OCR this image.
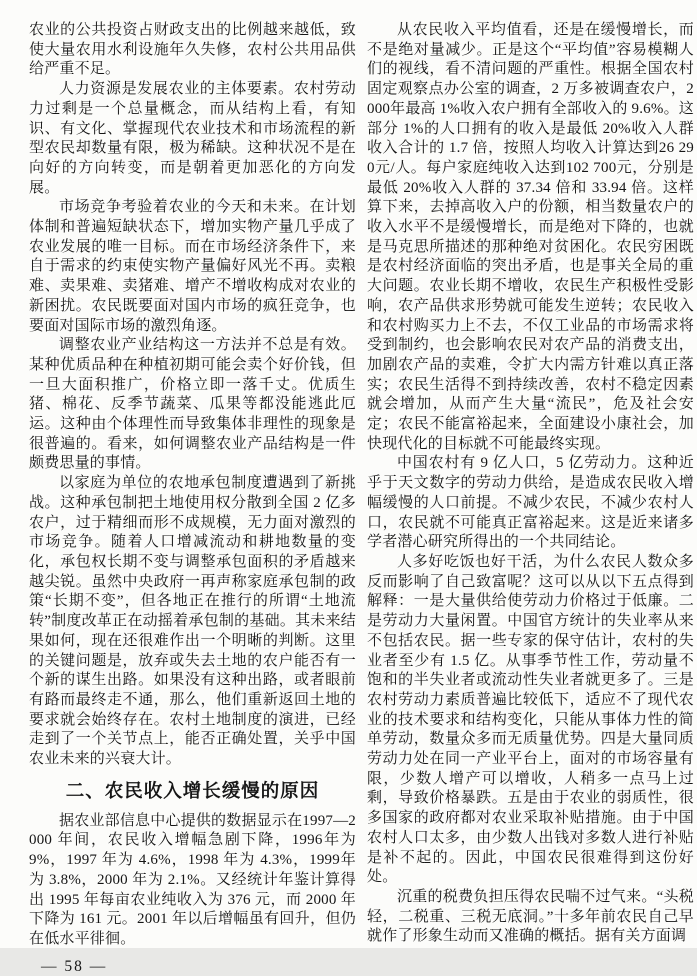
农业的公共投资占财政支出的比例越来越低，致使大量农用水利设施年久失修，农村公共用品供给严重不足。

人力资源是发展农业的主体要素。农村劳动力过剩是一个总量概念，而从结构上看，有知识、有文化、掌握现代农业技术和市场流程的新型农民却数量有限，极为稀缺。这种状况不是在向好的方向转变，而是朝着更加恶化的方向发展。

市场竞争考验着农业的今天和未来。在计划体制和普遍短缺状态下，增加实物产量几乎成了农业发展的唯一目标。而在市场经济条件下，来自于需求的约束使实物产量偏好风光不再。卖粮难、卖果难、卖猪难、增产不增收构成对农业的新困扰。农民既要面对国内市场的疯狂竞争，也要面对国际市场的激烈角逐。

调整农业产业结构这一方法并不总是有效。某种优质品种在种植初期可能会卖个好价钱，但一旦大面积推广，价格立即一落千丈。优质生猪、棉花、反季节蔬菜、瓜果等都没能逃此厄运。这种由个体理性而导致集体非理性的现象是很普遍的。看来，如何调整农业产品结构是一件颇费思量的事情。

以家庭为单位的农地承包制度遭遇到了新挑战。这种承包制把土地使用权分散到全国 2 亿多农户，过于精细而形不成规模，无力面对激烈的市场竞争。随着人口增减流动和耕地数量的变化，承包权长期不变与调整承包面积的矛盾越来越尖锐。虽然中央政府一再声称家庭承包制的政策“长期不变”，但各地正在推行的所谓“土地流转”制度改革正在动摇着承包制的基础。其未来结果如何，现在还很难作出一个明晰的判断。这里的关键问题是，放弃或失去土地的农户能否有一个新的谋生出路。如果没有这种出路，或者眼前有路而最终走不通，那么，他们重新返回土地的要求就会始终存在。农村土地制度的演进，已经走到了一个关节点上，能否正确处置，关乎中国农业未来的兴衰大计。

二、农民收入增长缓慢的原因

据农业部信息中心提供的数据显示在1997—2000 年间，农民收入增幅急剧下降，1996年为 9%，1997 年为 4.6%，1998 年为 4.3%，1999年为 3.8%，2000 年为 2.1%。又经统计年鉴计算得出 1995 年每亩农业纯收入为 376 元，而 2000 年下降为 161 元。2001 年以后增幅虽有回升，但仍在低水平徘徊。

— 58 —

从农民收入平均值看，还是在缓慢增长，而不是绝对量减少。正是这个“平均值”容易模糊人们的视线，看不清问题的严重性。根据全国农村固定观察点办公室的调查，2 万多被调查农户，2000年最高 1%收入农户拥有全部收入的 9.6%。这部分 1%的人口拥有的收入是最低 20%收入人群收入合计的 1.7 倍，按照人均收入计算达到26 290元/人。每户家庭纯收入达到102 700元，分别是最低 20%收入人群的 37.34 倍和 33.94 倍。这样算下来，去掉高收入户的份额，相当数量农户的收入水平不是缓慢增长，而是绝对下降的，也就是马克思所描述的那种绝对贫困化。农民穷困既是农村经济面临的突出矛盾，也是事关全局的重大问题。农业长期不增收，农民生产积极性受影响，农产品供求形势就可能发生逆转；农民收入和农村购买力上不去，不仅工业品的市场需求将受到制约，也会影响农民对农产品的消费支出，加剧农产品的卖难，令扩大内需方针难以真正落实；农民生活得不到持续改善，农村不稳定因素就会增加，从而产生大量“流民”，危及社会安定；农民不能富裕起来，全面建设小康社会，加快现代化的目标就不可能最终实现。

中国农村有 9 亿人口，5 亿劳动力。这种近乎于天文数字的劳动力供给，是造成农民收入增幅缓慢的人口前提。不减少农民，不减少农村人口，农民就不可能真正富裕起来。这是近来诸多学者潜心研究所得出的一个共同结论。

人多好吃饭也好干活，为什么农民人数众多反而影响了自己致富呢？这可以从以下五点得到解释：一是大量供给使劳动力价格过于低廉。二是劳动力大量闲置。中国官方统计的失业率从来不包括农民。据一些专家的保守估计，农村的失业者至少有 1.5 亿。从事季节性工作，劳动量不饱和的半失业者或流动性失业者就更多了。三是农村劳动力素质普遍比较低下，适应不了现代农业的技术要求和结构变化，只能从事体力性的简单劳动，数量众多而无质量优势。四是大量同质劳动力处在同一产业平台上，面对的市场容量有限，少数人增产可以增收，人稍多一点马上过剩，导致价格暴跌。五是由于农业的弱质性，很多国家的政府都对农业采取补贴措施。由于中国农村人口太多，由少数人出钱对多数人进行补贴是补不起的。因此，中国农民很难得到这份好处。

沉重的税费负担压得农民喘不过气来。“头税轻，二税重、三税无底洞。”十多年前农民自己早就作了形象生动而又准确的概括。据有关方面调
